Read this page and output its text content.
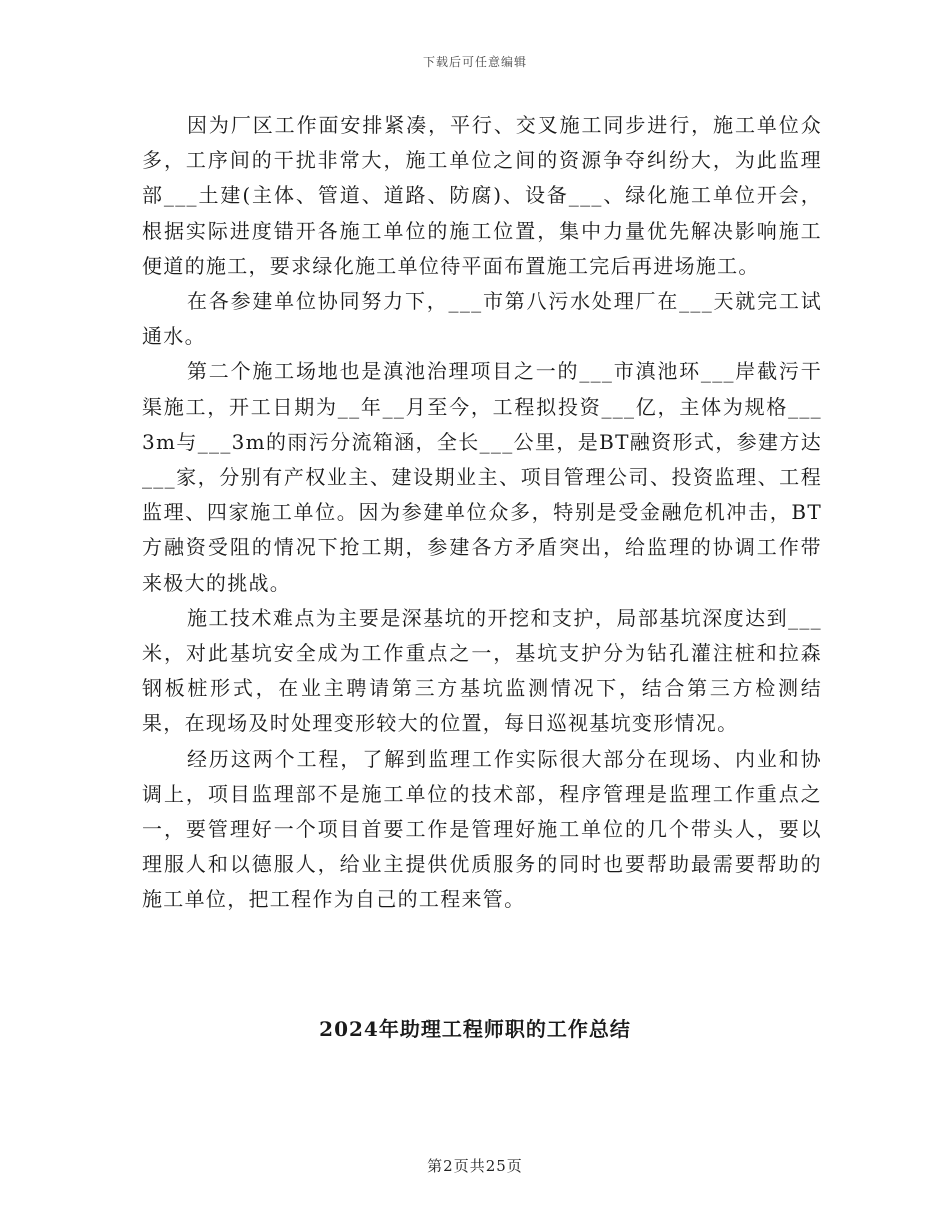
下载后可任意编辑

因为厂区工作面安排紧凑，平行、交叉施工同步进行，施工单位众多，工序间的干扰非常大，施工单位之间的资源争夺纠纷大，为此监理部___土建(主体、管道、道路、防腐)、设备___、绿化施工单位开会，根据实际进度错开各施工单位的施工位置，集中力量优先解决影响施工便道的施工，要求绿化施工单位待平面布置施工完后再进场施工。

在各参建单位协同努力下，___市第八污水处理厂在___天就完工试通水。

第二个施工场地也是滇池治理项目之一的___市滇池环___岸截污干渠施工，开工日期为__年__月至今，工程拟投资___亿，主体为规格___3m与___3m的雨污分流箱涵，全长___公里，是BT融资形式，参建方达___家，分别有产权业主、建设期业主、项目管理公司、投资监理、工程监理、四家施工单位。因为参建单位众多，特别是受金融危机冲击，BT方融资受阻的情况下抢工期，参建各方矛盾突出，给监理的协调工作带来极大的挑战。

施工技术难点为主要是深基坑的开挖和支护，局部基坑深度达到___米，对此基坑安全成为工作重点之一，基坑支护分为钻孔灌注桩和拉森钢板桩形式，在业主聘请第三方基坑监测情况下，结合第三方检测结果，在现场及时处理变形较大的位置，每日巡视基坑变形情况。

经历这两个工程，了解到监理工作实际很大部分在现场、内业和协调上，项目监理部不是施工单位的技术部，程序管理是监理工作重点之一，要管理好一个项目首要工作是管理好施工单位的几个带头人，要以理服人和以德服人，给业主提供优质服务的同时也要帮助最需要帮助的施工单位，把工程作为自己的工程来管。

2024年助理工程师职的工作总结
第2页共25页
